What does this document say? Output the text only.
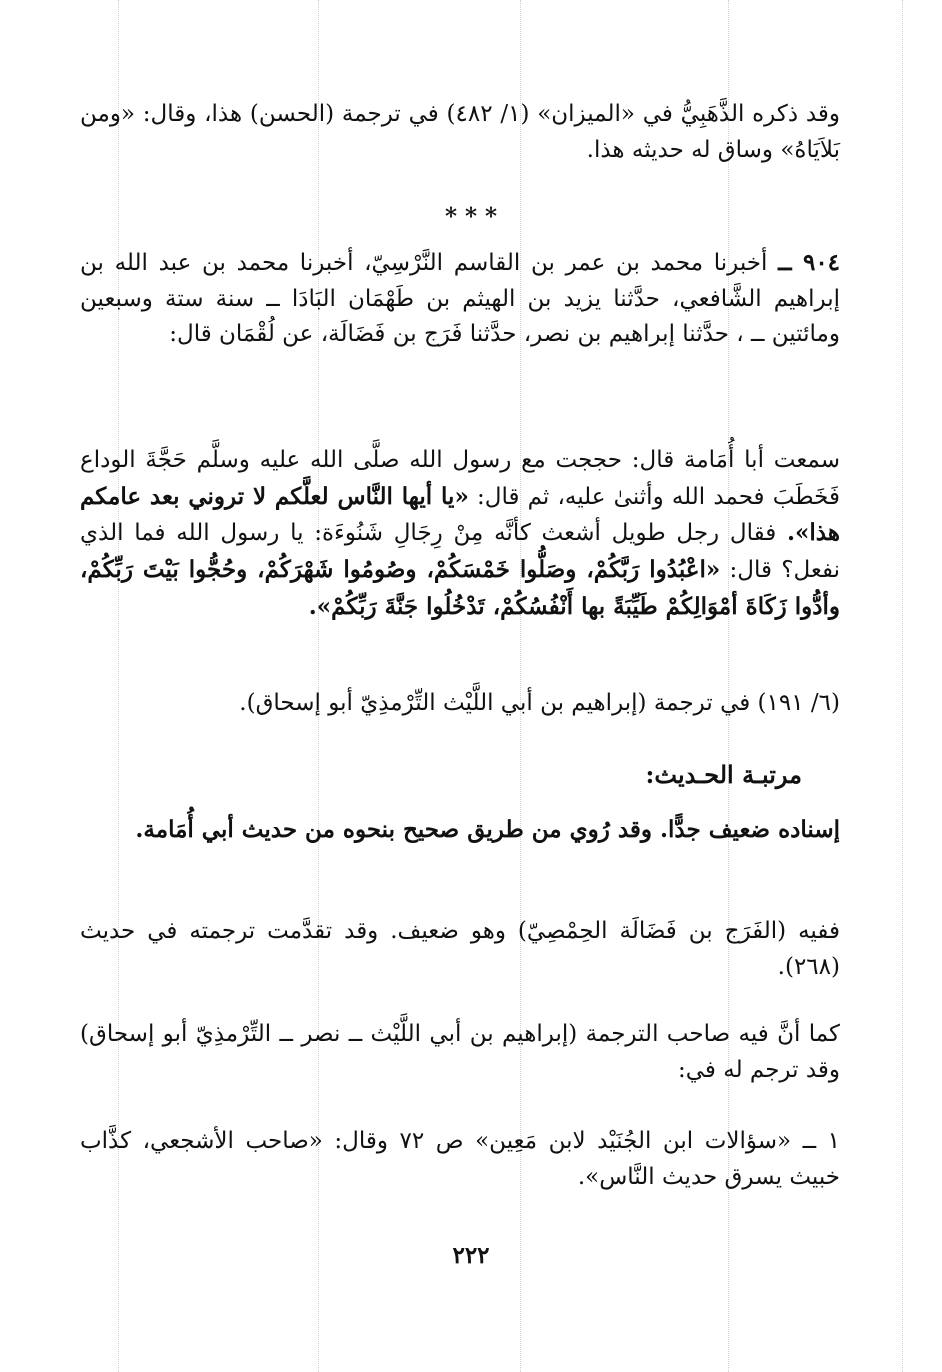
وقد ذكره الذَّهَبِيُّ في «الميزان» (١/ ٤٨٢) في ترجمة (الحسن) هذا، وقال: «ومن بَلاَيَاهُ» وساق له حديثه هذا.
* * *
٩٠٤ ــ أخبرنا محمد بن عمر بن القاسم النَّرْسِيّ، أخبرنا محمد بن عبد الله بن إبراهيم الشَّافعي، حدَّثنا يزيد بن الهيثم بن طَهْمَان البَادَا ــ سنة ستة وسبعين ومائتين ــ ، حدَّثنا إبراهيم بن نصر، حدَّثنا فَرَج بن فَضَالَة، عن لُقْمَان قال:
سمعت أبا أُمَامة قال: حججت مع رسول الله صلَّى الله عليه وسلَّم حَجَّةَ الوداع فَخَطَبَ فحمد الله وأثنىٰ عليه، ثم قال: «يا أيها النَّاس لعلَّكم لا تروني بعد عامكم هذا». فقال رجل طويل أشعث كأنَّه مِنْ رِجَالِ شَنُوءَة: يا رسول الله فما الذي نفعل؟ قال: «اعْبُدُوا رَبَّكُمْ، وصَلُّوا خَمْسَكُمْ، وصُومُوا شَهْرَكُمْ، وحُجُّوا بَيْتَ رَبِّكُمْ، وأدُّوا زَكَاةَ أمْوَالِكُمْ طَيِّبَةً بها أَنْفُسُكُمْ، تَدْخُلُوا جَنَّةَ رَبِّكُمْ».
(٦/ ١٩١) في ترجمة (إبراهيم بن أبي اللَّيْث التِّرْمذِيّ أبو إسحاق).
مرتبـة الحـديث:
إسناده ضعيف جدًّا. وقد رُوي من طريق صحيح بنحوه من حديث أبي أُمَامة.
ففيه (الفَرَج بن فَضَالَة الحِمْصِيّ) وهو ضعيف. وقد تقدَّمت ترجمته في حديث (٢٦٨).
كما أنَّ فيه صاحب الترجمة (إبراهيم بن أبي اللَّيْث ــ نصر ــ التِّرْمذِيّ أبو إسحاق) وقد ترجم له في:
١ ــ «سؤالات ابن الجُنَيْد لابن مَعِين» ص ٧٢ وقال: «صاحب الأشجعي، كذَّاب خبيث يسرق حديث النَّاس».
٢٢٢
